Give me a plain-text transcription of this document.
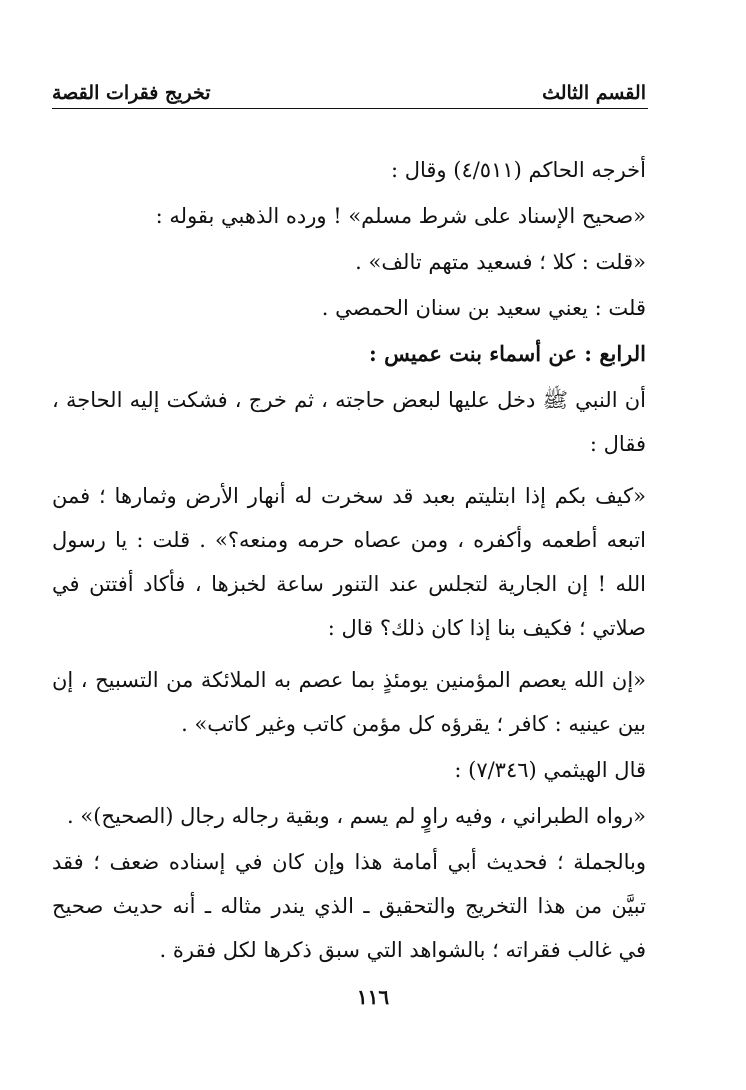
القسم الثالث
تخريج فقرات القصة

أخرجه الحاكم (٤/٥١١) وقال :

«صحيح الإسناد على شرط مسلم» ! ورده الذهبي بقوله :

«قلت : كلا ؛ فسعيد متهم تالف» .

قلت : يعني سعيد بن سنان الحمصي .

الرابع : عن أسماء بنت عميس :

أن النبي ﷺ دخل عليها لبعض حاجته ، ثم خرج ، فشكت إليه الحاجة ، فقال :

«كيف بكم إذا ابتليتم بعبد قد سخرت له أنهار الأرض وثمارها ؛ فمن اتبعه أطعمه وأكفره ، ومن عصاه حرمه ومنعه؟» . قلت : يا رسول الله ! إن الجارية لتجلس عند التنور ساعة لخبزها ، فأكاد أفتتن في صلاتي ؛ فكيف بنا إذا كان ذلك؟ قال :

«إن الله يعصم المؤمنين يومئذٍ بما عصم به الملائكة من التسبيح ، إن بين عينيه : كافر ؛ يقرؤه كل مؤمن كاتب وغير كاتب» .

قال الهيثمي (٧/٣٤٦) :

«رواه الطبراني ، وفيه راوٍ لم يسم ، وبقية رجاله رجال (الصحيح)» .

وبالجملة ؛ فحديث أبي أمامة هذا وإن كان في إسناده ضعف ؛ فقد تبيَّن من هذا التخريج والتحقيق ـ الذي يندر مثاله ـ أنه حديث صحيح في غالب فقراته ؛ بالشواهد التي سبق ذكرها لكل فقرة .

١١٦
